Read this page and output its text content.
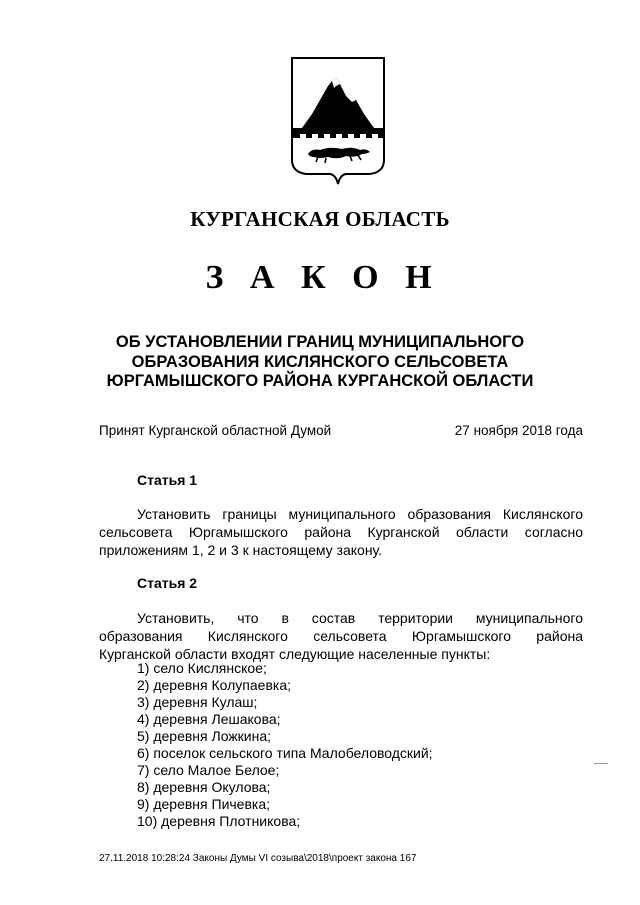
КУРГАНСКАЯ ОБЛАСТЬ
З А К О Н
ОБ УСТАНОВЛЕНИИ ГРАНИЦ МУНИЦИПАЛЬНОГО
ОБРАЗОВАНИЯ КИСЛЯНСКОГО СЕЛЬСОВЕТА
ЮРГАМЫШСКОГО РАЙОНА КУРГАНСКОЙ ОБЛАСТИ
Принят Курганской областной Думой	27 ноября 2018 года
Статья 1
Установить границы муниципального образования Кислянского
сельсовета Юргамышского района Курганской области согласно
приложениям 1, 2 и 3 к настоящему закону.
Статья 2
Установить, что в состав территории муниципального
образования Кислянского сельсовета Юргамышского района
Курганской области входят следующие населенные пункты:
1) село Кислянское;
2) деревня Колупаевка;
3) деревня Кулаш;
4) деревня Лешакова;
5) деревня Ложкина;
6) поселок сельского типа Малобеловодский;
7) село Малое Белое;
8) деревня Окулова;
9) деревня Пичевка;
10) деревня Плотникова;
27.11.2018 10:28:24 Законы Думы VI созыва\2018\проект закона 167
